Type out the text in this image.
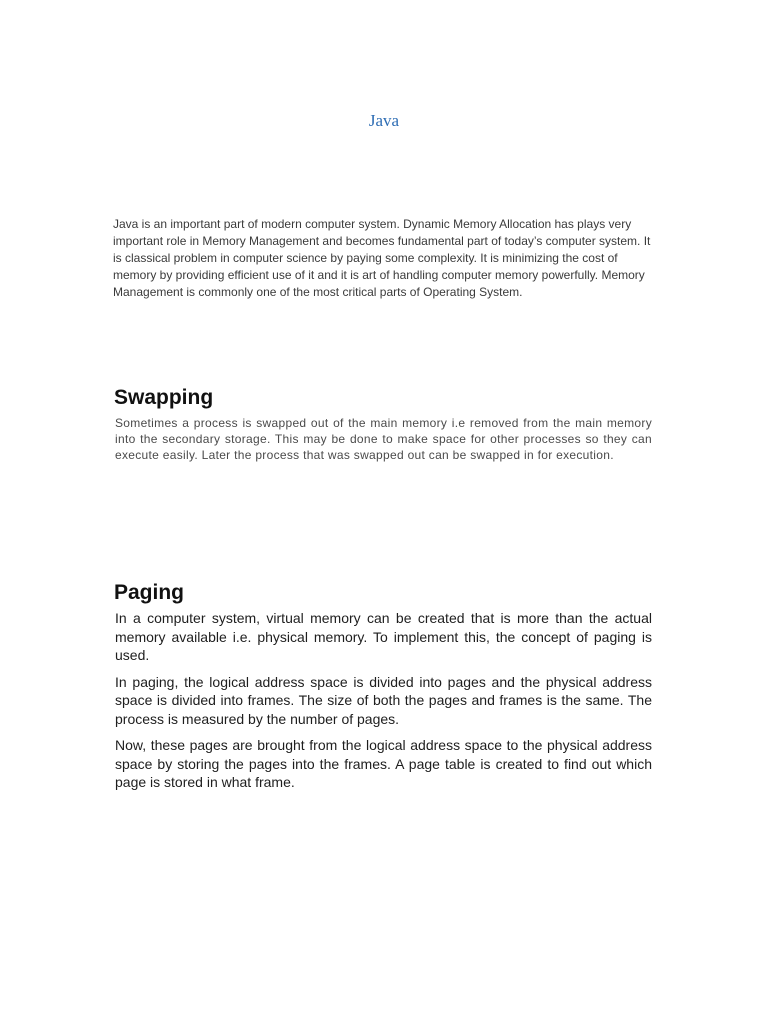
Java

Java is an important part of modern computer system. Dynamic Memory Allocation has plays very important role in Memory Management and becomes fundamental part of today’s computer system. It is classical problem in computer science by paying some complexity. It is minimizing the cost of memory by providing efficient use of it and it is art of handling computer memory powerfully. Memory Management is commonly one of the most critical parts of Operating System.

Swapping

Sometimes a process is swapped out of the main memory i.e removed from the main memory into the secondary storage. This may be done to make space for other processes so they can execute easily. Later the process that was swapped out can be swapped in for execution.

Paging

In a computer system, virtual memory can be created that is more than the actual memory available i.e. physical memory. To implement this, the concept of paging is used.

In paging, the logical address space is divided into pages and the physical address space is divided into frames. The size of both the pages and frames is the same. The process is measured by the number of pages.

Now, these pages are brought from the logical address space to the physical address space by storing the pages into the frames. A page table is created to find out which page is stored in what frame.
